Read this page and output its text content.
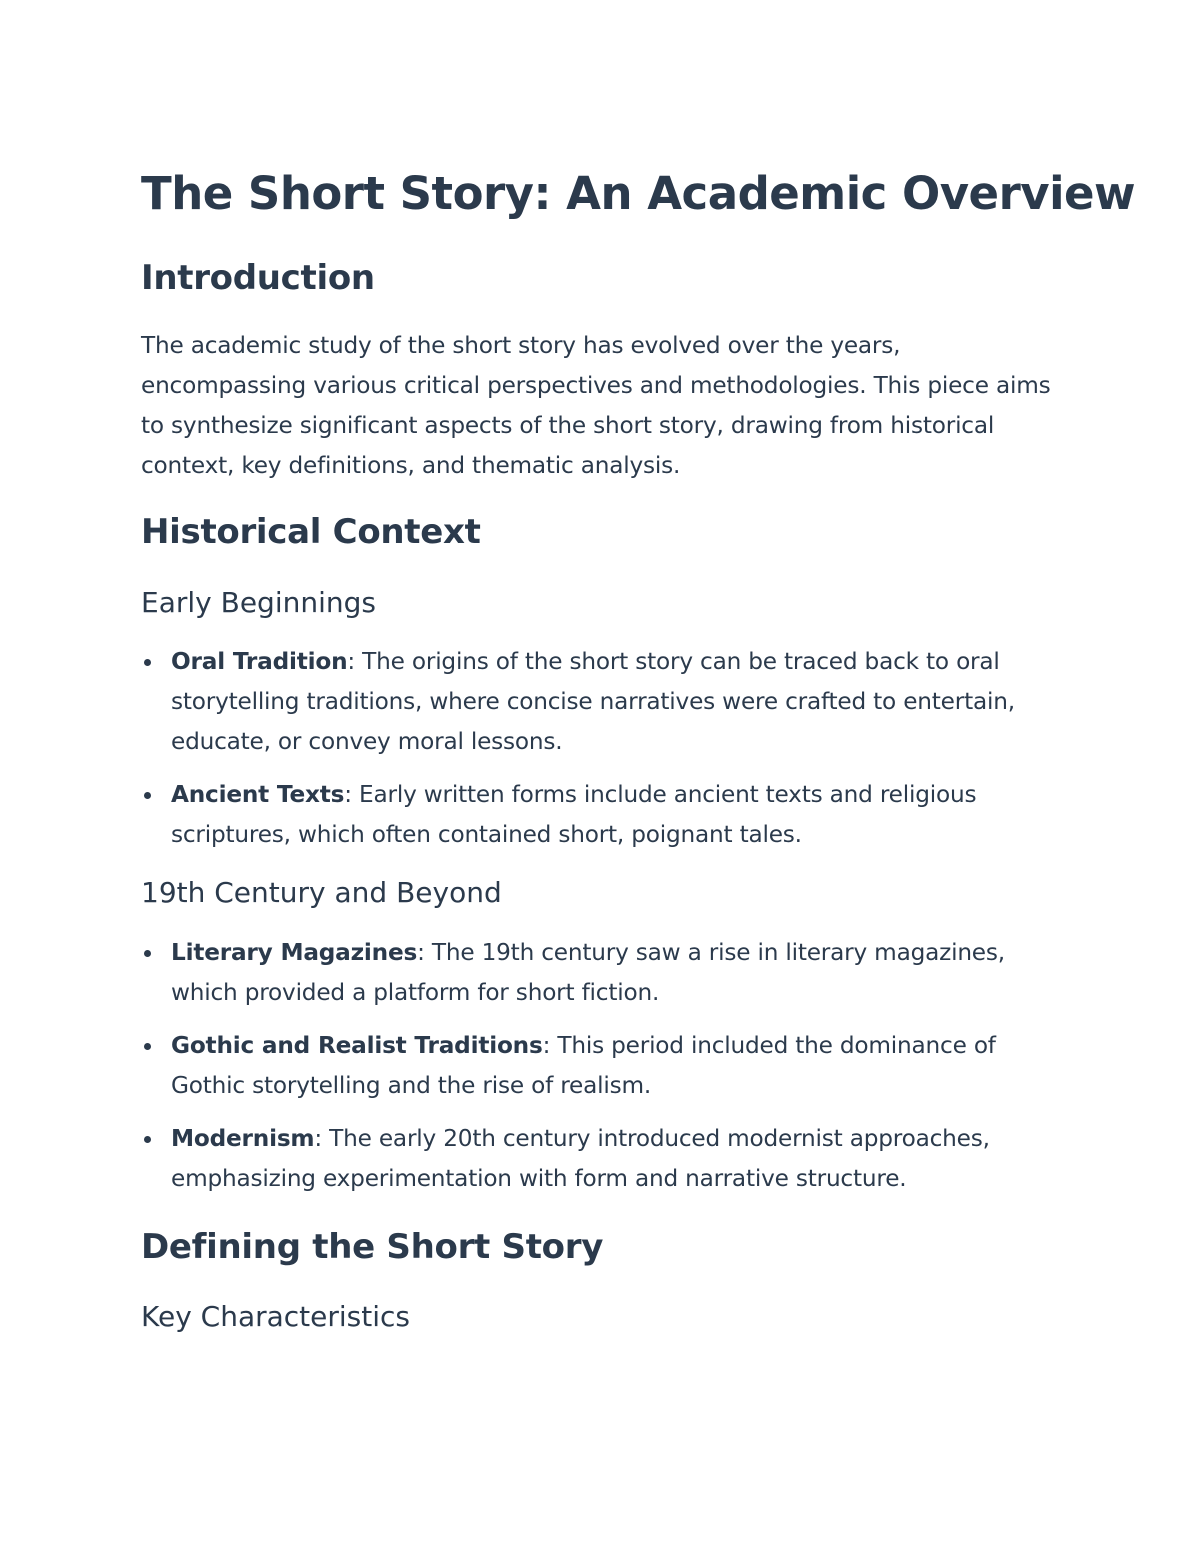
The Short Story: An Academic Overview
Introduction

The academic study of the short story has evolved over the years, encompassing various critical perspectives and methodologies. This piece aims to synthesize significant aspects of the short story, drawing from historical context, key definitions, and thematic analysis.

Historical Context
Early Beginnings
Oral Tradition: The origins of the short story can be traced back to oral storytelling traditions, where concise narratives were crafted to entertain, educate, or convey moral lessons.
Ancient Texts: Early written forms include ancient texts and religious scriptures, which often contained short, poignant tales.
19th Century and Beyond
Literary Magazines: The 19th century saw a rise in literary magazines, which provided a platform for short fiction.
Gothic and Realist Traditions: This period included the dominance of Gothic storytelling and the rise of realism.
Modernism: The early 20th century introduced modernist approaches, emphasizing experimentation with form and narrative structure.
Defining the Short Story
Key Characteristics
